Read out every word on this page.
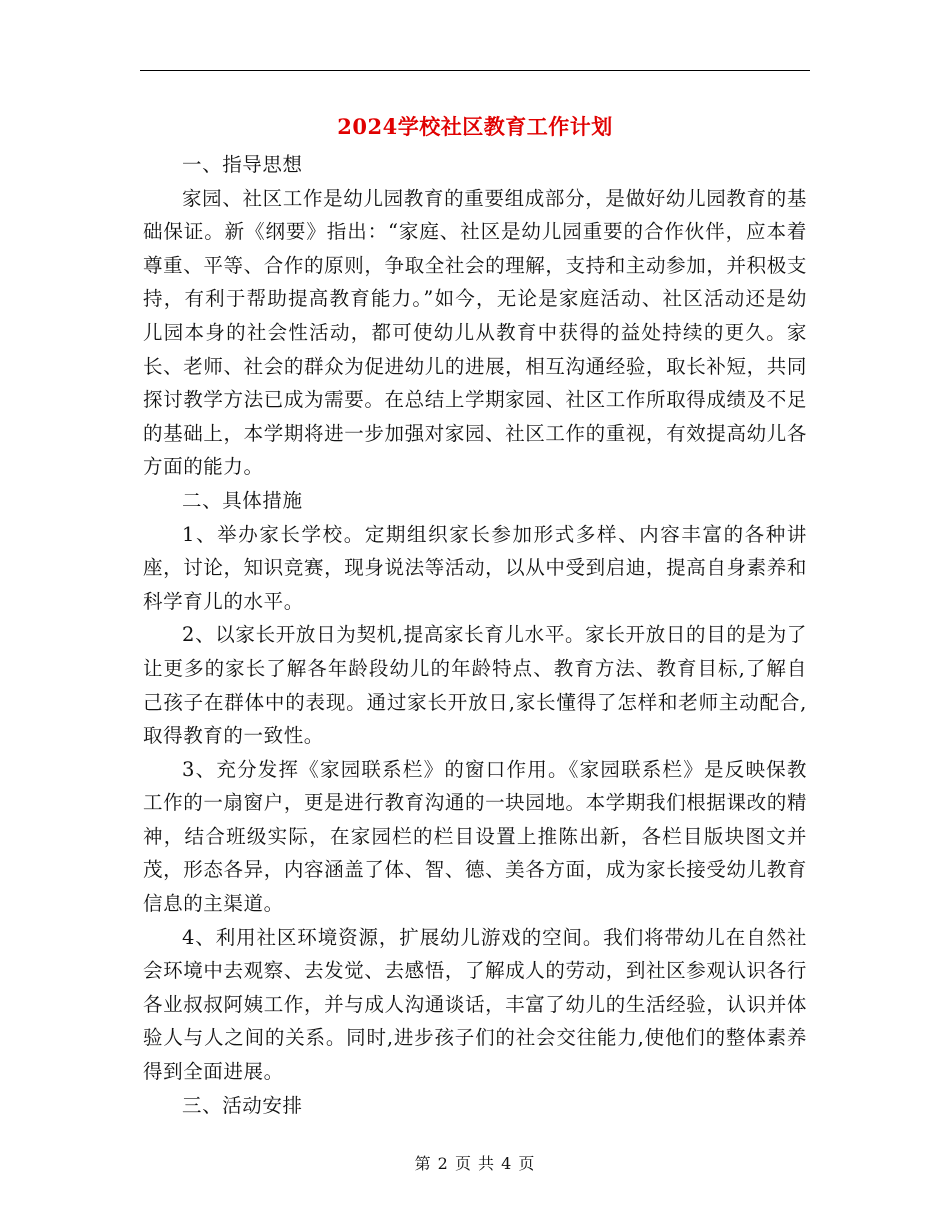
2024学校社区教育工作计划

一、指导思想

家园、社区工作是幼儿园教育的重要组成部分，是做好幼儿园教育的基础保证。新《纲要》指出：“家庭、社区是幼儿园重要的合作伙伴，应本着尊重、平等、合作的原则，争取全社会的理解，支持和主动参加，并积极支持，有利于帮助提高教育能力。”如今，无论是家庭活动、社区活动还是幼儿园本身的社会性活动，都可使幼儿从教育中获得的益处持续的更久。家长、老师、社会的群众为促进幼儿的进展，相互沟通经验，取长补短，共同探讨教学方法已成为需要。在总结上学期家园、社区工作所取得成绩及不足的基础上，本学期将进一步加强对家园、社区工作的重视，有效提高幼儿各方面的能力。

二、具体措施

1、举办家长学校。定期组织家长参加形式多样、内容丰富的各种讲座，讨论，知识竞赛，现身说法等活动，以从中受到启迪，提高自身素养和科学育儿的水平。

2、以家长开放日为契机,提高家长育儿水平。家长开放日的目的是为了让更多的家长了解各年龄段幼儿的年龄特点、教育方法、教育目标,了解自己孩子在群体中的表现。通过家长开放日,家长懂得了怎样和老师主动配合,取得教育的一致性。

3、充分发挥《家园联系栏》的窗口作用。《家园联系栏》是反映保教工作的一扇窗户，更是进行教育沟通的一块园地。本学期我们根据课改的精神，结合班级实际，在家园栏的栏目设置上推陈出新，各栏目版块图文并茂，形态各异，内容涵盖了体、智、德、美各方面，成为家长接受幼儿教育信息的主渠道。

4、利用社区环境资源，扩展幼儿游戏的空间。我们将带幼儿在自然社会环境中去观察、去发觉、去感悟，了解成人的劳动，到社区参观认识各行各业叔叔阿姨工作，并与成人沟通谈话，丰富了幼儿的生活经验，认识并体验人与人之间的关系。同时,进步孩子们的社会交往能力,使他们的整体素养得到全面进展。

三、活动安排

第 2 页 共 4 页
